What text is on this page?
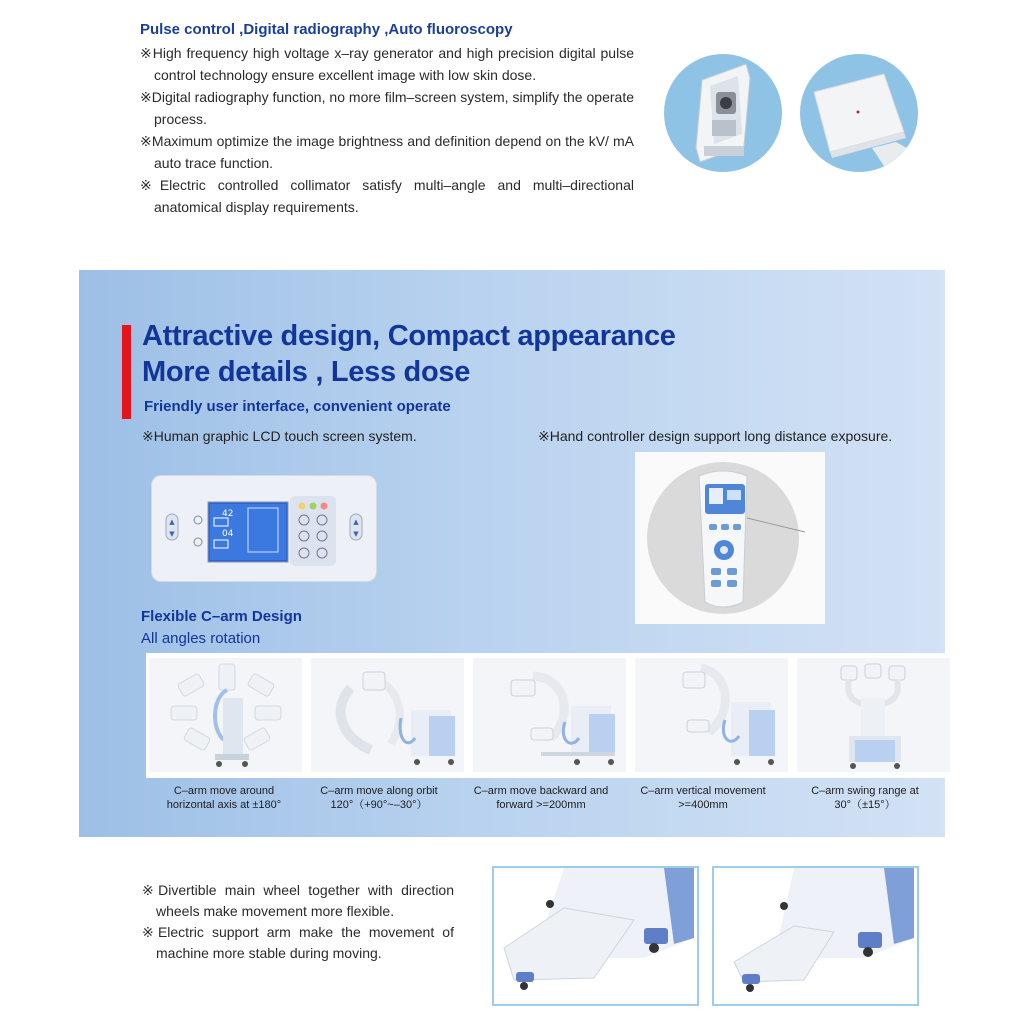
Pulse control ,Digital radiography ,Auto fluoroscopy

※High frequency high voltage x–ray generator and high precision digital pulse control technology ensure excellent image with low skin dose.

※Digital radiography function, no more film–screen system, simplify the operate process.

※Maximum optimize the image brightness and definition depend on the kV/ mA auto trace function.

※Electric controlled collimator satisfy multi–angle and multi–directional anatomical display requirements.

Attractive design, Compact appearance
More details , Less dose
Friendly user interface, convenient operate
※Human graphic LCD touch screen system.	※Hand controller design support long distance exposure.
▲
▼
42
04
▲
▼
Flexible C–arm Design
All angles rotation
C–arm move around
horizontal axis at ±180°
C–arm move along orbit
120°（+90°~–30°）
C–arm move backward and
forward >=200mm
C–arm vertical movement
>=400mm
C–arm swing range at
30°（±15°）

※Divertible main wheel together with direction wheels make movement more flexible.

※Electric support arm make the movement of machine more stable during moving.
